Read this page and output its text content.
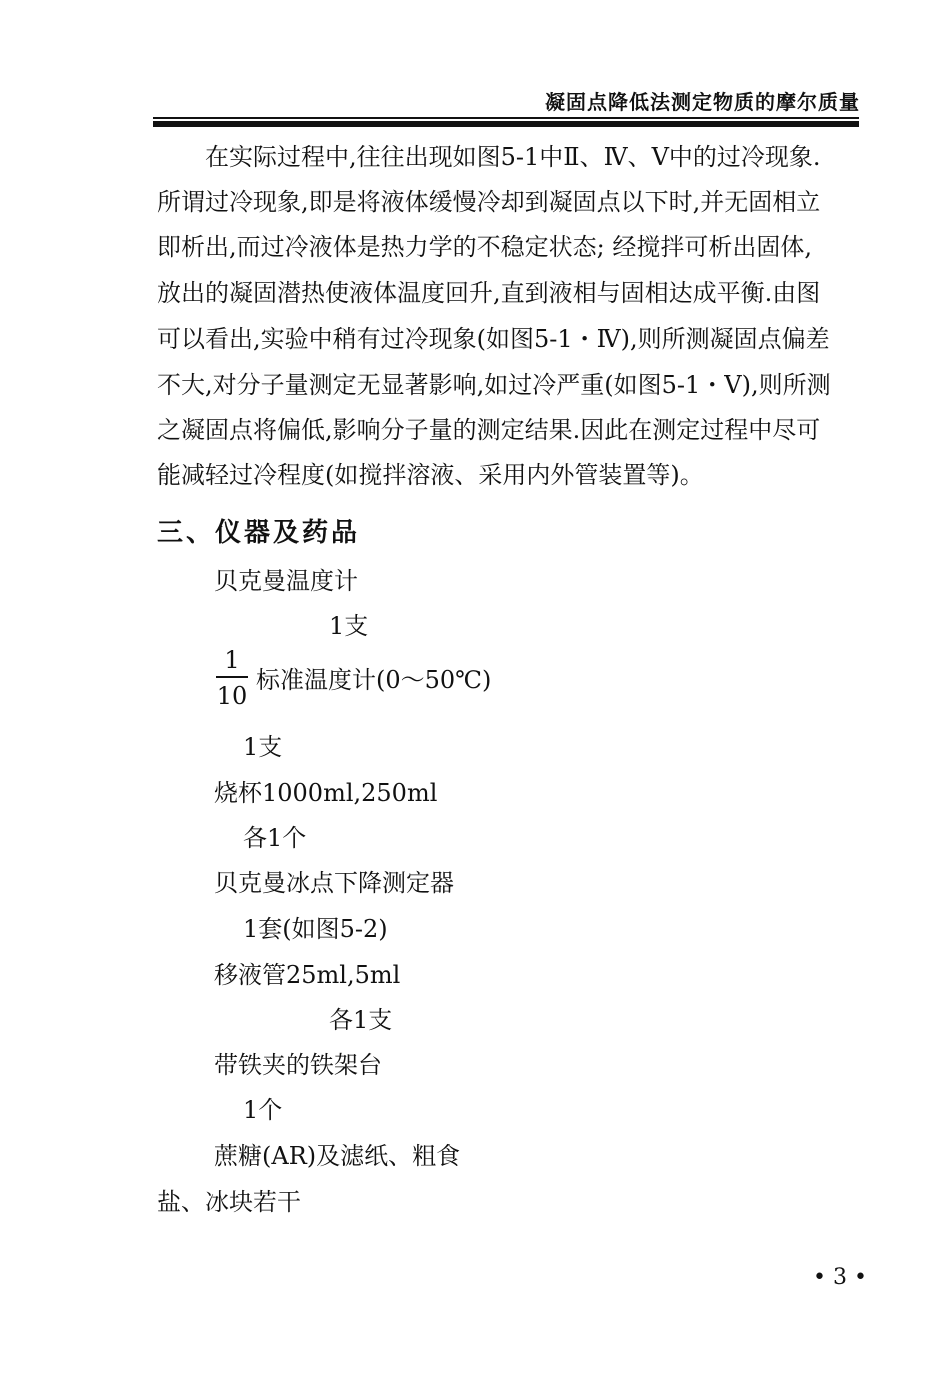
凝固点降低法测定物质的摩尔质量
　　在实际过程中,往往出现如图5-1中Ⅱ、Ⅳ、Ⅴ中的过冷现象.
所谓过冷现象,即是将液体缓慢冷却到凝固点以下时,并无固相立
即析出,而过冷液体是热力学的不稳定状态; 经搅拌可析出固体,
放出的凝固潜热使液体温度回升,直到液相与固相达成平衡.由图
可以看出,实验中稍有过冷现象(如图5-1・Ⅳ),则所测凝固点偏差
不大,对分子量测定无显著影响,如过冷严重(如图5-1・Ⅴ),则所测
之凝固点将偏低,影响分子量的测定结果.因此在测定过程中尽可
能减轻过冷程度(如搅拌溶液、采用内外管装置等)。
三、仪器及药品
贝克曼温度计
1支
1
10
标准温度计(0～50℃)
1支
烧杯1000ml,250ml
各1个
贝克曼冰点下降测定器
1套(如图5-2)
移液管25ml,5ml
各1支
带铁夹的铁架台
1个
蔗糖(AR)及滤纸、粗食
盐、冰块若干
• 3 •
